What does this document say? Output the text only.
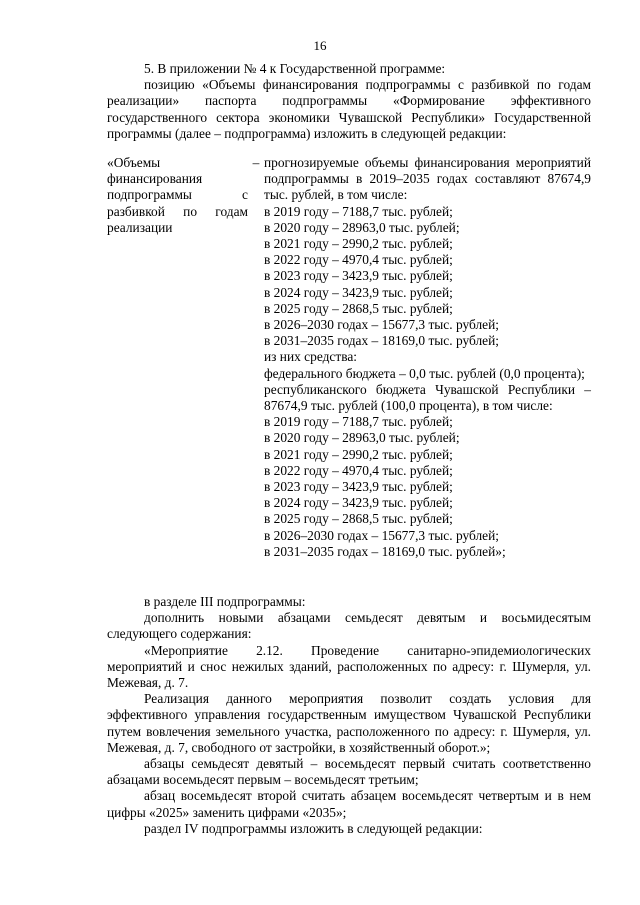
16

5. В приложении № 4 к Государственной программе:

позицию «Объемы финансирования подпрограммы с разбивкой по годам реализации» паспорта подпрограммы «Формирование эффективного государственного сектора экономики Чувашской Республики» Государственной программы (далее – подпрограмма) изложить в следующей редакции:

«Объемы финансирования подпрограммы с разбивкой по годам реализации
– прогнозируемые объемы финансирования мероприятий подпрограммы в 2019–2035 годах составляют 87674,9 тыс. рублей, в том числе:
в 2019 году – 7188,7 тыс. рублей;
в 2020 году – 28963,0 тыс. рублей;
в 2021 году – 2990,2 тыс. рублей;
в 2022 году – 4970,4 тыс. рублей;
в 2023 году – 3423,9 тыс. рублей;
в 2024 году – 3423,9 тыс. рублей;
в 2025 году – 2868,5 тыс. рублей;
в 2026–2030 годах – 15677,3 тыс. рублей;
в 2031–2035 годах – 18169,0 тыс. рублей;
из них средства:
федерального бюджета – 0,0 тыс. рублей (0,0 процента);
республиканского бюджета Чувашской Республики – 87674,9 тыс. рублей (100,0 процента), в том числе:
в 2019 году – 7188,7 тыс. рублей;
в 2020 году – 28963,0 тыс. рублей;
в 2021 году – 2990,2 тыс. рублей;
в 2022 году – 4970,4 тыс. рублей;
в 2023 году – 3423,9 тыс. рублей;
в 2024 году – 3423,9 тыс. рублей;
в 2025 году – 2868,5 тыс. рублей;
в 2026–2030 годах – 15677,3 тыс. рублей;
в 2031–2035 годах – 18169,0 тыс. рублей»;

в разделе III подпрограммы:

дополнить новыми абзацами семьдесят девятым и восьмидесятым следующего содержания:

«Мероприятие 2.12. Проведение санитарно-эпидемиологических мероприятий и снос нежилых зданий, расположенных по адресу: г. Шумерля, ул. Межевая, д. 7.

Реализация данного мероприятия позволит создать условия для эффективного управления государственным имуществом Чувашской Республики путем вовлечения земельного участка, расположенного по адресу: г. Шумерля, ул. Межевая, д. 7, свободного от застройки, в хозяйственный оборот.»;

абзацы семьдесят девятый – восемьдесят первый считать соответственно абзацами восемьдесят первым – восемьдесят третьим;

абзац восемьдесят второй считать абзацем восемьдесят четвертым и в нем цифры «2025» заменить цифрами «2035»;

раздел IV подпрограммы изложить в следующей редакции:
